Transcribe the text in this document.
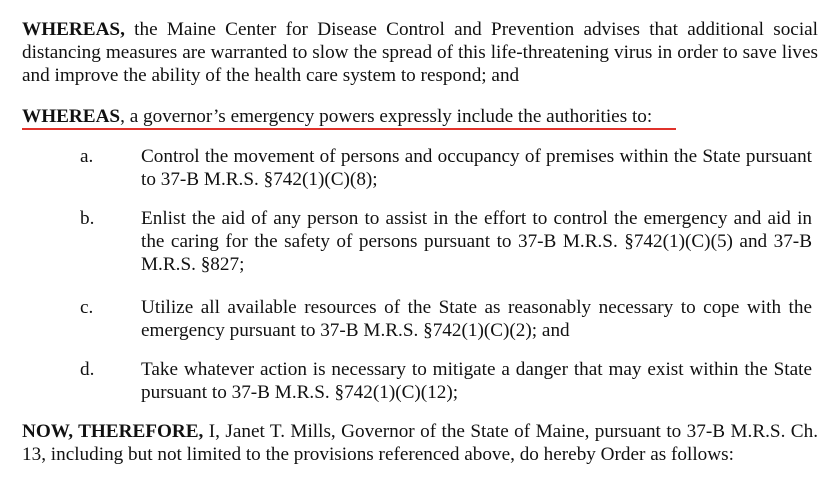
WHEREAS, the Maine Center for Disease Control and Prevention advises that additional social distancing measures are warranted to slow the spread of this life-threatening virus in order to save lives and improve the ability of the health care system to respond; and
WHEREAS, a governor’s emergency powers expressly include the authorities to:
a.	Control the movement of persons and occupancy of premises within the State pursuant to 37-B M.R.S. §742(1)(C)(8);
b.	Enlist the aid of any person to assist in the effort to control the emergency and aid in the caring for the safety of persons pursuant to 37-B M.R.S. §742(1)(C)(5) and 37-B M.R.S. §827;
c.	Utilize all available resources of the State as reasonably necessary to cope with the emergency pursuant to 37-B M.R.S. §742(1)(C)(2); and
d.	Take whatever action is necessary to mitigate a danger that may exist within the State pursuant to 37-B M.R.S. §742(1)(C)(12);
NOW, THEREFORE, I, Janet T. Mills, Governor of the State of Maine, pursuant to 37-B M.R.S. Ch. 13, including but not limited to the provisions referenced above, do hereby Order as follows:
